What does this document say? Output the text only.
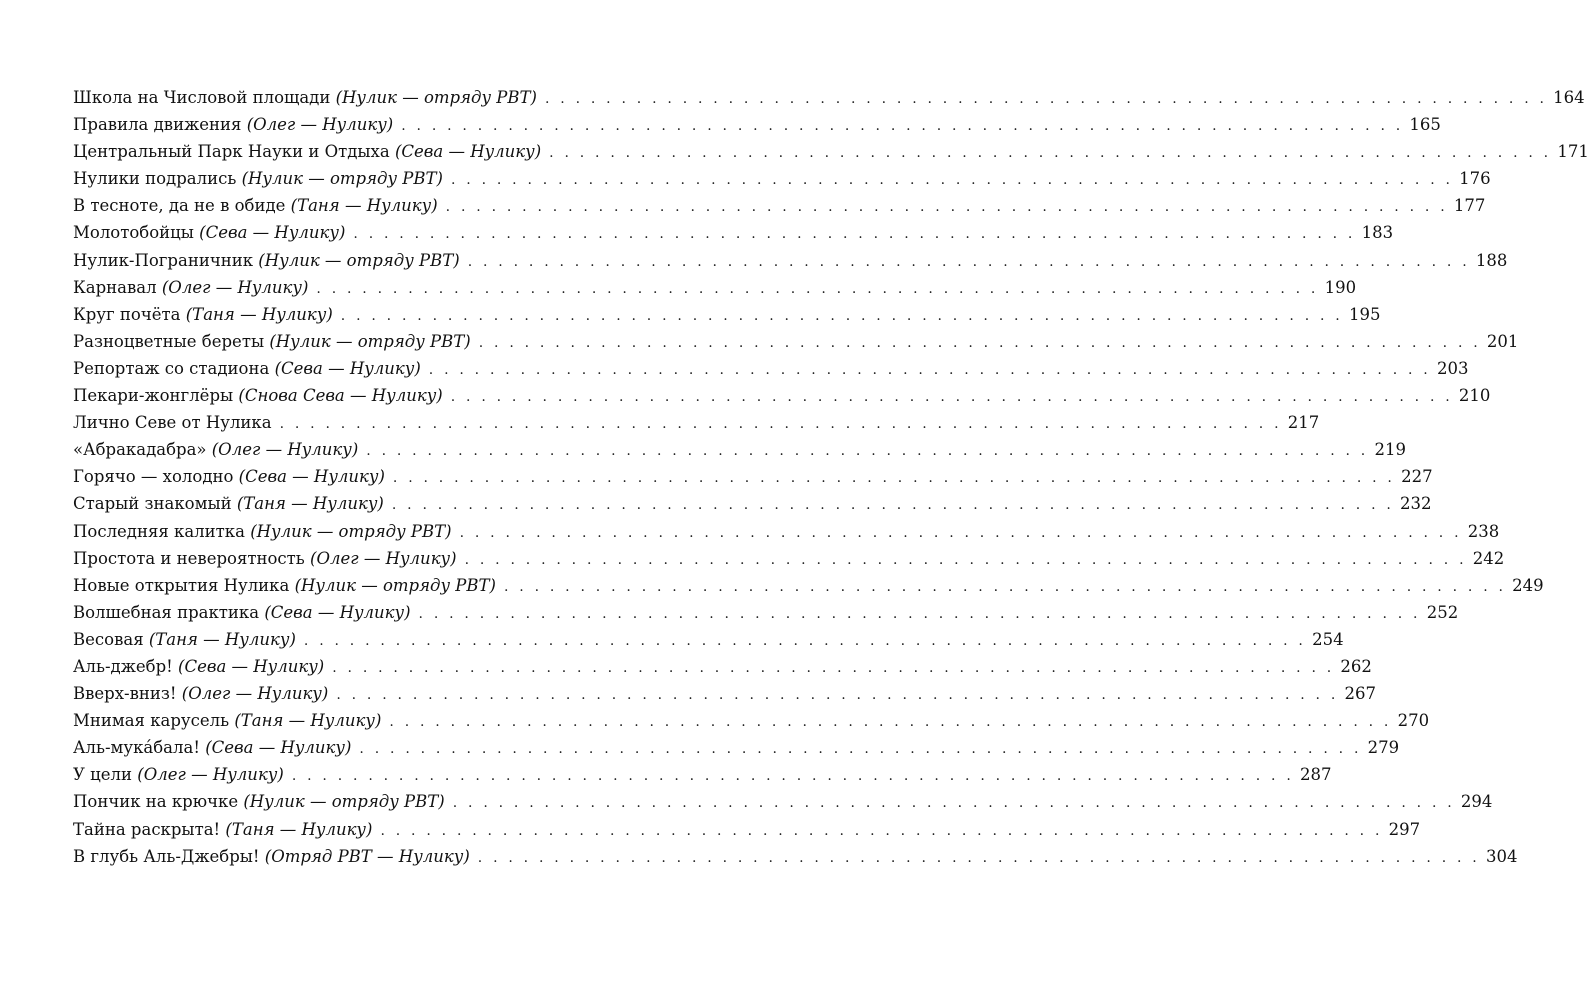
Школа на Числовой площади (Нулик — отряду РВТ) . . . . . . . . . . . . . . . . . . . . . . . . . . . . . . . . . . . . . . . . . . . . . . . . . . . . . . . . . . . . . . . . . . 164
Правила движения (Олег — Нулику) . . . . . . . . . . . . . . . . . . . . . . . . . . . . . . . . . . . . . . . . . . . . . . . . . . . . . . . . . . . . . . . . . . 165
Центральный Парк Науки и Отдыха (Сева — Нулику) . . . . . . . . . . . . . . . . . . . . . . . . . . . . . . . . . . . . . . . . . . . . . . . . . . . . . . . . . . . . . . . . . . 171
Нулики подрались (Нулик — отряду РВТ) . . . . . . . . . . . . . . . . . . . . . . . . . . . . . . . . . . . . . . . . . . . . . . . . . . . . . . . . . . . . . . . . . . 176
В тесноте, да не в обиде (Таня — Нулику) . . . . . . . . . . . . . . . . . . . . . . . . . . . . . . . . . . . . . . . . . . . . . . . . . . . . . . . . . . . . . . . . . . 177
Молотобойцы (Сева — Нулику) . . . . . . . . . . . . . . . . . . . . . . . . . . . . . . . . . . . . . . . . . . . . . . . . . . . . . . . . . . . . . . . . . . 183
Нулик-Пограничник (Нулик — отряду РВТ) . . . . . . . . . . . . . . . . . . . . . . . . . . . . . . . . . . . . . . . . . . . . . . . . . . . . . . . . . . . . . . . . . . 188
Карнавал (Олег — Нулику) . . . . . . . . . . . . . . . . . . . . . . . . . . . . . . . . . . . . . . . . . . . . . . . . . . . . . . . . . . . . . . . . . . 190
Круг почёта (Таня — Нулику) . . . . . . . . . . . . . . . . . . . . . . . . . . . . . . . . . . . . . . . . . . . . . . . . . . . . . . . . . . . . . . . . . . 195
Разноцветные береты (Нулик — отряду РВТ) . . . . . . . . . . . . . . . . . . . . . . . . . . . . . . . . . . . . . . . . . . . . . . . . . . . . . . . . . . . . . . . . . . 201
Репортаж со стадиона (Сева — Нулику) . . . . . . . . . . . . . . . . . . . . . . . . . . . . . . . . . . . . . . . . . . . . . . . . . . . . . . . . . . . . . . . . . . 203
Пекари-жонглёры (Снова Сева — Нулику) . . . . . . . . . . . . . . . . . . . . . . . . . . . . . . . . . . . . . . . . . . . . . . . . . . . . . . . . . . . . . . . . . . 210
Лично Севе от Нулика . . . . . . . . . . . . . . . . . . . . . . . . . . . . . . . . . . . . . . . . . . . . . . . . . . . . . . . . . . . . . . . . . . 217
«Абракадабра» (Олег — Нулику) . . . . . . . . . . . . . . . . . . . . . . . . . . . . . . . . . . . . . . . . . . . . . . . . . . . . . . . . . . . . . . . . . . 219
Горячо — холодно (Сева — Нулику) . . . . . . . . . . . . . . . . . . . . . . . . . . . . . . . . . . . . . . . . . . . . . . . . . . . . . . . . . . . . . . . . . . 227
Старый знакомый (Таня — Нулику) . . . . . . . . . . . . . . . . . . . . . . . . . . . . . . . . . . . . . . . . . . . . . . . . . . . . . . . . . . . . . . . . . . 232
Последняя калитка (Нулик — отряду РВТ) . . . . . . . . . . . . . . . . . . . . . . . . . . . . . . . . . . . . . . . . . . . . . . . . . . . . . . . . . . . . . . . . . . 238
Простота и невероятность (Олег — Нулику) . . . . . . . . . . . . . . . . . . . . . . . . . . . . . . . . . . . . . . . . . . . . . . . . . . . . . . . . . . . . . . . . . . 242
Новые открытия Нулика (Нулик — отряду РВТ) . . . . . . . . . . . . . . . . . . . . . . . . . . . . . . . . . . . . . . . . . . . . . . . . . . . . . . . . . . . . . . . . . . 249
Волшебная практика (Сева — Нулику) . . . . . . . . . . . . . . . . . . . . . . . . . . . . . . . . . . . . . . . . . . . . . . . . . . . . . . . . . . . . . . . . . . 252
Весовая (Таня — Нулику) . . . . . . . . . . . . . . . . . . . . . . . . . . . . . . . . . . . . . . . . . . . . . . . . . . . . . . . . . . . . . . . . . . 254
Аль-джебр! (Сева — Нулику) . . . . . . . . . . . . . . . . . . . . . . . . . . . . . . . . . . . . . . . . . . . . . . . . . . . . . . . . . . . . . . . . . . 262
Вверх-вниз! (Олег — Нулику) . . . . . . . . . . . . . . . . . . . . . . . . . . . . . . . . . . . . . . . . . . . . . . . . . . . . . . . . . . . . . . . . . . 267
Мнимая карусель (Таня — Нулику) . . . . . . . . . . . . . . . . . . . . . . . . . . . . . . . . . . . . . . . . . . . . . . . . . . . . . . . . . . . . . . . . . . 270
Аль-мукáбала! (Сева — Нулику) . . . . . . . . . . . . . . . . . . . . . . . . . . . . . . . . . . . . . . . . . . . . . . . . . . . . . . . . . . . . . . . . . . 279
У цели (Олег — Нулику) . . . . . . . . . . . . . . . . . . . . . . . . . . . . . . . . . . . . . . . . . . . . . . . . . . . . . . . . . . . . . . . . . . 287
Пончик на крючке (Нулик — отряду РВТ) . . . . . . . . . . . . . . . . . . . . . . . . . . . . . . . . . . . . . . . . . . . . . . . . . . . . . . . . . . . . . . . . . . 294
Тайна раскрыта! (Таня — Нулику) . . . . . . . . . . . . . . . . . . . . . . . . . . . . . . . . . . . . . . . . . . . . . . . . . . . . . . . . . . . . . . . . . . 297
В глубь Аль-Джебры! (Отряд РВТ — Нулику) . . . . . . . . . . . . . . . . . . . . . . . . . . . . . . . . . . . . . . . . . . . . . . . . . . . . . . . . . . . . . . . . . . 304
